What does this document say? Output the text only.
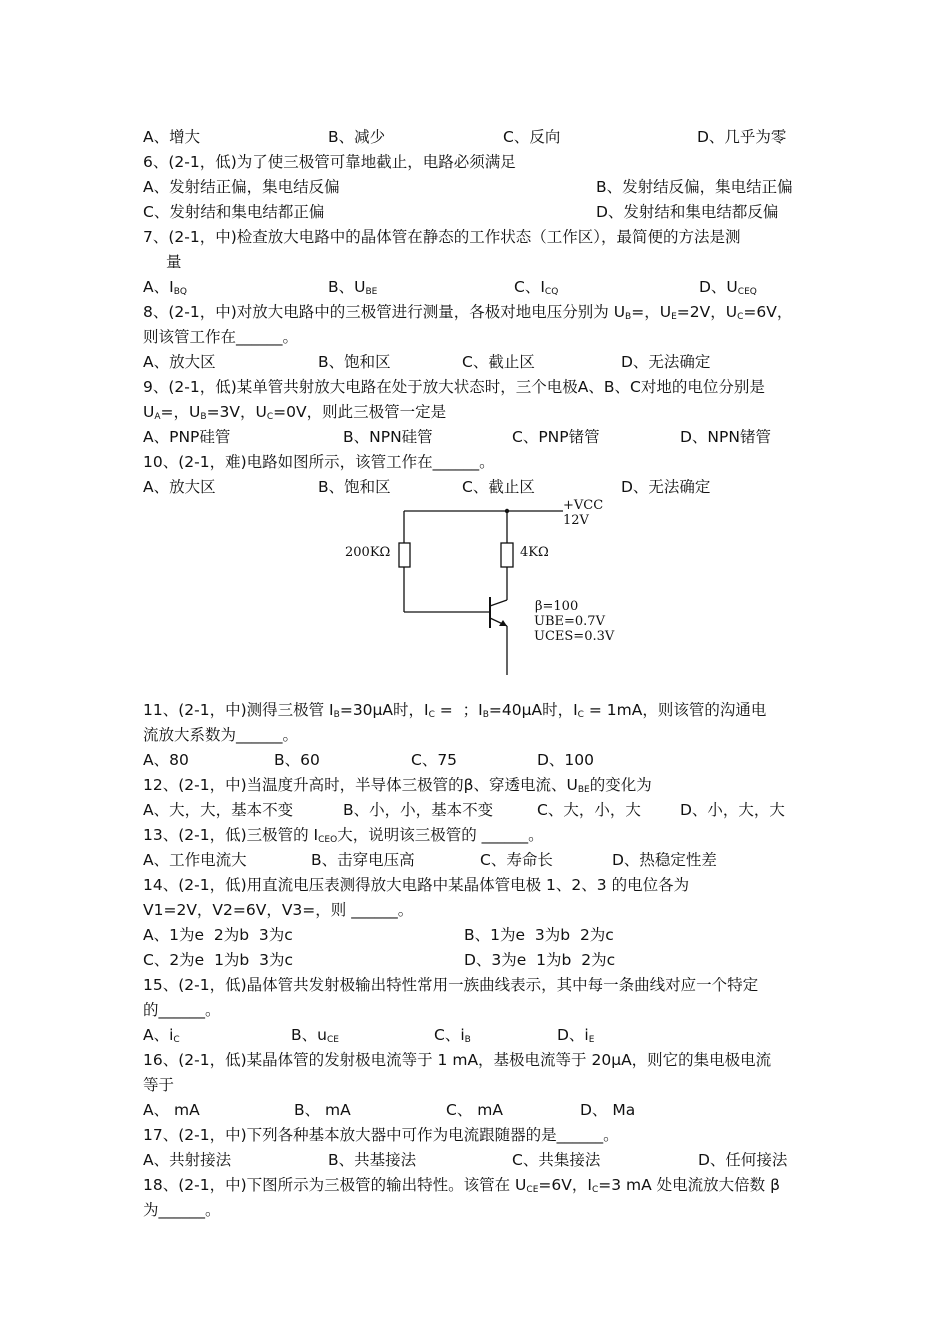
A、增大	B、减少	C、反向	D、几乎为零
6、(2-1，低)为了使三极管可靠地截止，电路必须满足
A、发射结正偏，集电结反偏	B、发射结反偏，集电结正偏
C、发射结和集电结都正偏	D、发射结和集电结都反偏
7、(2-1，中)检查放大电路中的晶体管在静态的工作状态（工作区），最简便的方法是测
量
A、$I_{BQ}$	B、$U_{BE}$	C、$I_{CQ}$	D、$U_{CEQ}$
8、(2-1，中)对放大电路中的三极管进行测量，各极对地电压分别为 $U_B=$，$U_E=2V$，$U_C=6V$，
则该管工作在______。
A、放大区	B、饱和区	C、截止区	D、无法确定
9、(2-1，低)某单管共射放大电路在处于放大状态时，三个电极A、B、C对地的电位分别是
$U_A=$，$U_B=3V$，$U_C=0V$，则此三极管一定是
A、PNP硅管	B、NPN硅管	C、PNP锗管	D、NPN锗管
10、(2-1，难)电路如图所示，该管工作在______。
A、放大区	B、饱和区	C、截止区	D、无法确定
+VCC
12V
200KΩ	4KΩ
β=100
UBE=0.7V
UCES=0.3V
11、(2-1，中)测得三极管 $I_B=30\mu A$时，$I_C$ =  ；$I_B=40\mu A$时，$I_C = 1mA$，则该管的沟通电
流放大系数为______。
A、80	B、60	C、75	D、100
12、(2-1，中)当温度升高时，半导体三极管的β、穿透电流、$U_{BE}$的变化为
A、大，大，基本不变	B、小，小，基本不变	C、大，小，大	D、小，大，大
13、(2-1，低)三极管的 $I_{CEO}$大，说明该三极管的 ______。
A、工作电流大	B、击穿电压高	C、寿命长	D、热稳定性差
14、(2-1，低)用直流电压表测得放大电路中某晶体管电极 1、2、3 的电位各为
V1=2V，V2=6V，V3=，则 ______。
A、1为e  2为b  3为c	B、1为e  3为b  2为c
C、2为e  1为b  3为c	D、3为e  1为b  2为c
15、(2-1，低)晶体管共发射极输出特性常用一族曲线表示，其中每一条曲线对应一个特定
的______。
A、$i_C$	B、$u_{CE}$	C、$i_B$	D、$i_E$
16、(2-1，低)某晶体管的发射极电流等于 1 mA，基极电流等于 20μA，则它的集电极电流
等于
A、 mA	B、 mA	C、 mA	D、 Ma
17、(2-1，中)下列各种基本放大器中可作为电流跟随器的是______。
A、共射接法	B、共基接法	C、共集接法	D、任何接法
18、(2-1，中)下图所示为三极管的输出特性。该管在 $U_{CE}=6V$，$I_C=3$ mA 处电流放大倍数 β
为______。
